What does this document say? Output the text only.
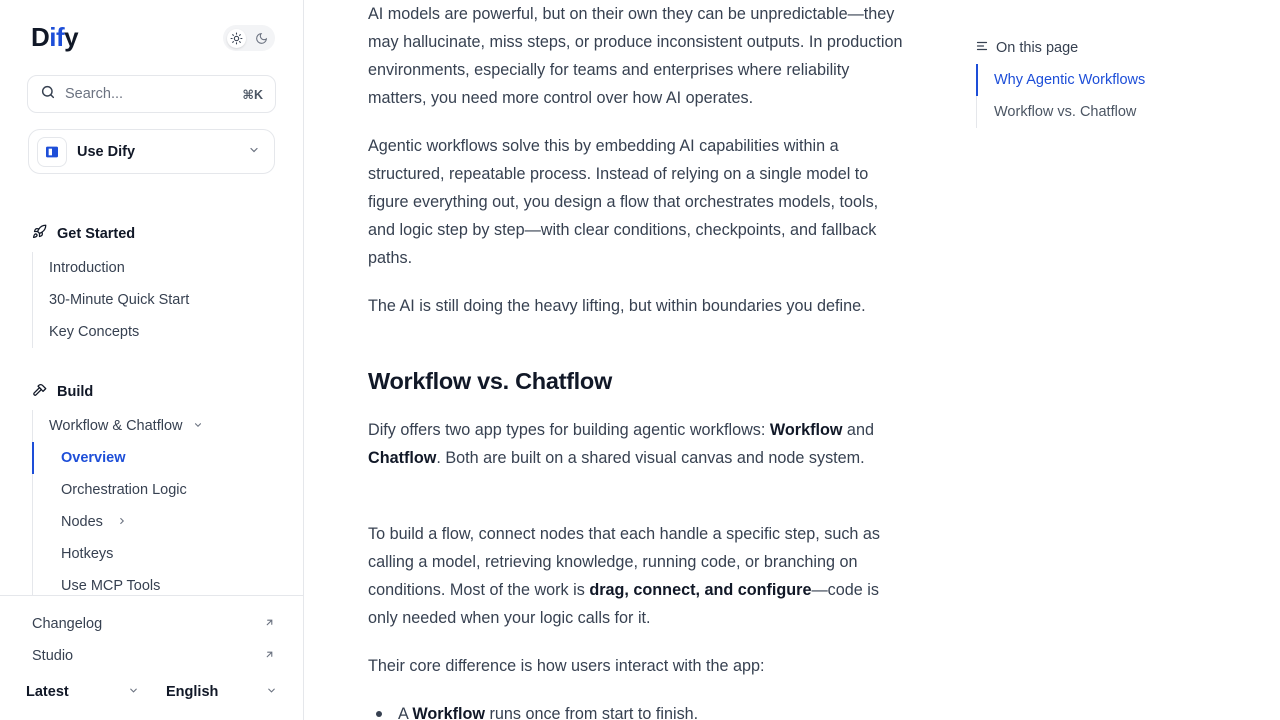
Dify
Search...	⌘K
Use Dify
Get Started
Introduction
30-Minute Quick Start
Key Concepts
Build
Workflow & Chatflow
Overview
Orchestration Logic
Nodes
Hotkeys
Use MCP Tools
Changelog
Studio
Latest	English

AI models are powerful, but on their own they can be unpredictable—they may hallucinate, miss steps, or produce inconsistent outputs. In production environments, especially for teams and enterprises where reliability matters, you need more control over how AI operates.

Agentic workflows solve this by embedding AI capabilities within a structured, repeatable process. Instead of relying on a single model to figure everything out, you design a flow that orchestrates models, tools, and logic step by step—with clear conditions, checkpoints, and fallback paths.

The AI is still doing the heavy lifting, but within boundaries you define.

Workflow vs. Chatflow

Dify offers two app types for building agentic workflows: Workflow and Chatflow. Both are built on a shared visual canvas and node system.

To build a flow, connect nodes that each handle a specific step, such as calling a model, retrieving knowledge, running code, or branching on conditions. Most of the work is drag, connect, and configure—code is only needed when your logic calls for it.

Their core difference is how users interact with the app:

A Workflow runs once from start to finish.
On this page
Why Agentic Workflows
Workflow vs. Chatflow
